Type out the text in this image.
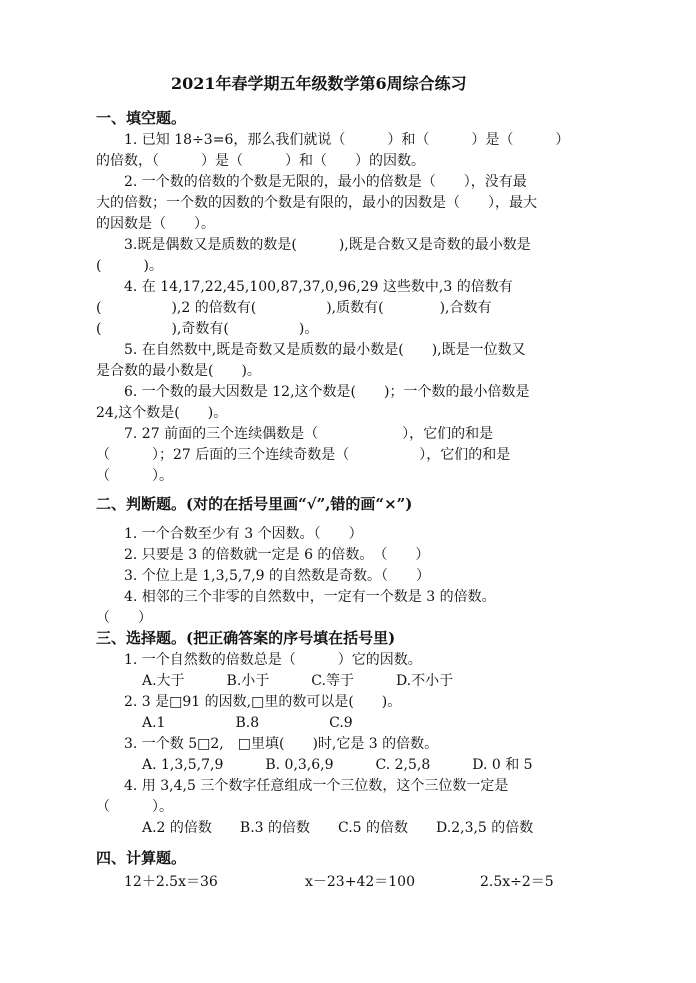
2021年春学期五年级数学第6周综合练习
一、填空题。
1. 已知 18÷3=6，那么我们就说（　　　）和（　　　）是（　　　）
的倍数，（　　　）是（　　　）和（　　）的因数。
2. 一个数的倍数的个数是无限的，最小的倍数是（　　），没有最
大的倍数；一个数的因数的个数是有限的，最小的因数是（　　），最大
的因数是（　　）。
3.既是偶数又是质数的数是(　　　),既是合数又是奇数的最小数是
(　　　)。
4. 在 14,17,22,45,100,87,37,0,96,29 这些数中,3 的倍数有
(　　　　　),2 的倍数有(　　　　　),质数有(　　　　),合数有
(　　　　　),奇数有(　　　　　)。
5. 在自然数中,既是奇数又是质数的最小数是(　　),既是一位数又
是合数的最小数是(　　)。
6. 一个数的最大因数是 12,这个数是(　　)；一个数的最小倍数是
24,这个数是(　　)。
7. 27 前面的三个连续偶数是（　　　　　　），它们的和是
（　　　）；27 后面的三个连续奇数是（　　　　　），它们的和是
（　　　）。
二、判断题。(对的在括号里画“√”,错的画“×”)
1. 一个合数至少有 3 个因数。（　　）
2. 只要是 3 的倍数就一定是 6 的倍数。　（　　）
3. 个位上是 1,3,5,7,9 的自然数是奇数。（　　）
4. 相邻的三个非零的自然数中，一定有一个数是 3 的倍数。
（　　）
三、选择题。(把正确答案的序号填在括号里)
1. 一个自然数的倍数总是（　　　）它的因数。
A.大于　　　B.小于　　　C.等于　　　D.不小于
2. 3 是□91 的因数,□里的数可以是(　　)。
A.1　　　　　B.8　　　　　C.9
3. 一个数 5□2,　□里填(　　)时,它是 3 的倍数。
A. 1,3,5,7,9　　　B. 0,3,6,9　　　C. 2,5,8　　　D. 0 和 5
4. 用 3,4,5 三个数字任意组成一个三位数，这个三位数一定是
（　　　）。
A.2 的倍数　　B.3 的倍数　　C.5 的倍数　　D.2,3,5 的倍数
四、计算题。
12＋2.5x＝36	x－23+42＝100	2.5x÷2＝5
